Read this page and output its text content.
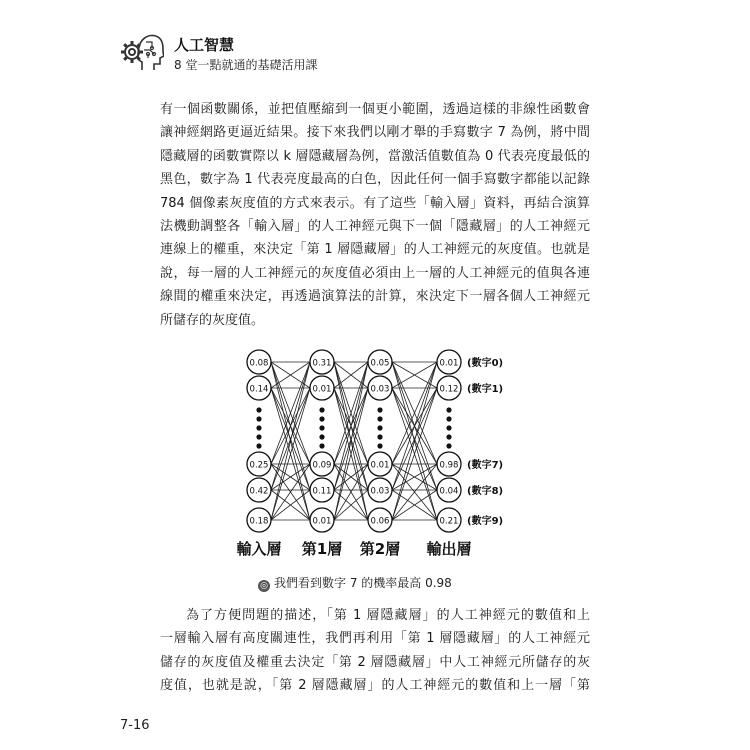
人工智慧
8 堂一點就通的基礎活用課

有一個函數關係，並把值壓縮到一個更小範圍，透過這樣的非線性函數會
讓神經網路更逼近結果。接下來我們以剛才舉的手寫數字 7 為例，將中間
隱藏層的函數實際以 k 層隱藏層為例，當激活值數值為 0 代表亮度最低的
黑色，數字為 1 代表亮度最高的白色，因此任何一個手寫數字都能以記錄
784 個像素灰度值的方式來表示。有了這些「輸入層」資料，再結合演算
法機動調整各「輸入層」的人工神經元與下一個「隱藏層」的人工神經元
連線上的權重，來決定「第 1 層隱藏層」的人工神經元的灰度值。也就是
說，每一層的人工神經元的灰度值必須由上一層的人工神經元的值與各連
線間的權重來決定，再透過演算法的計算，來決定下一層各個人工神經元
所儲存的灰度值。

0.08
0.14
0.25
0.42
0.18
輸入層
0.31
0.01
0.09
0.11
0.01
第1層
0.05
0.03
0.01
0.03
0.06
第2層
0.01
0.12
0.98
0.04
0.21
輸出層
(數字0)
(數字1)
(數字7)
(數字8)
(數字9)
◎ 我們看到數字 7 的機率最高 0.98

為了方便問題的描述，「第 1 層隱藏層」的人工神經元的數值和上
一層輸入層有高度關連性，我們再利用「第 1 層隱藏層」的人工神經元
儲存的灰度值及權重去決定「第 2 層隱藏層」中人工神經元所儲存的灰
度值，也就是說，「第 2 層隱藏層」的人工神經元的數值和上一層「第

7-16
